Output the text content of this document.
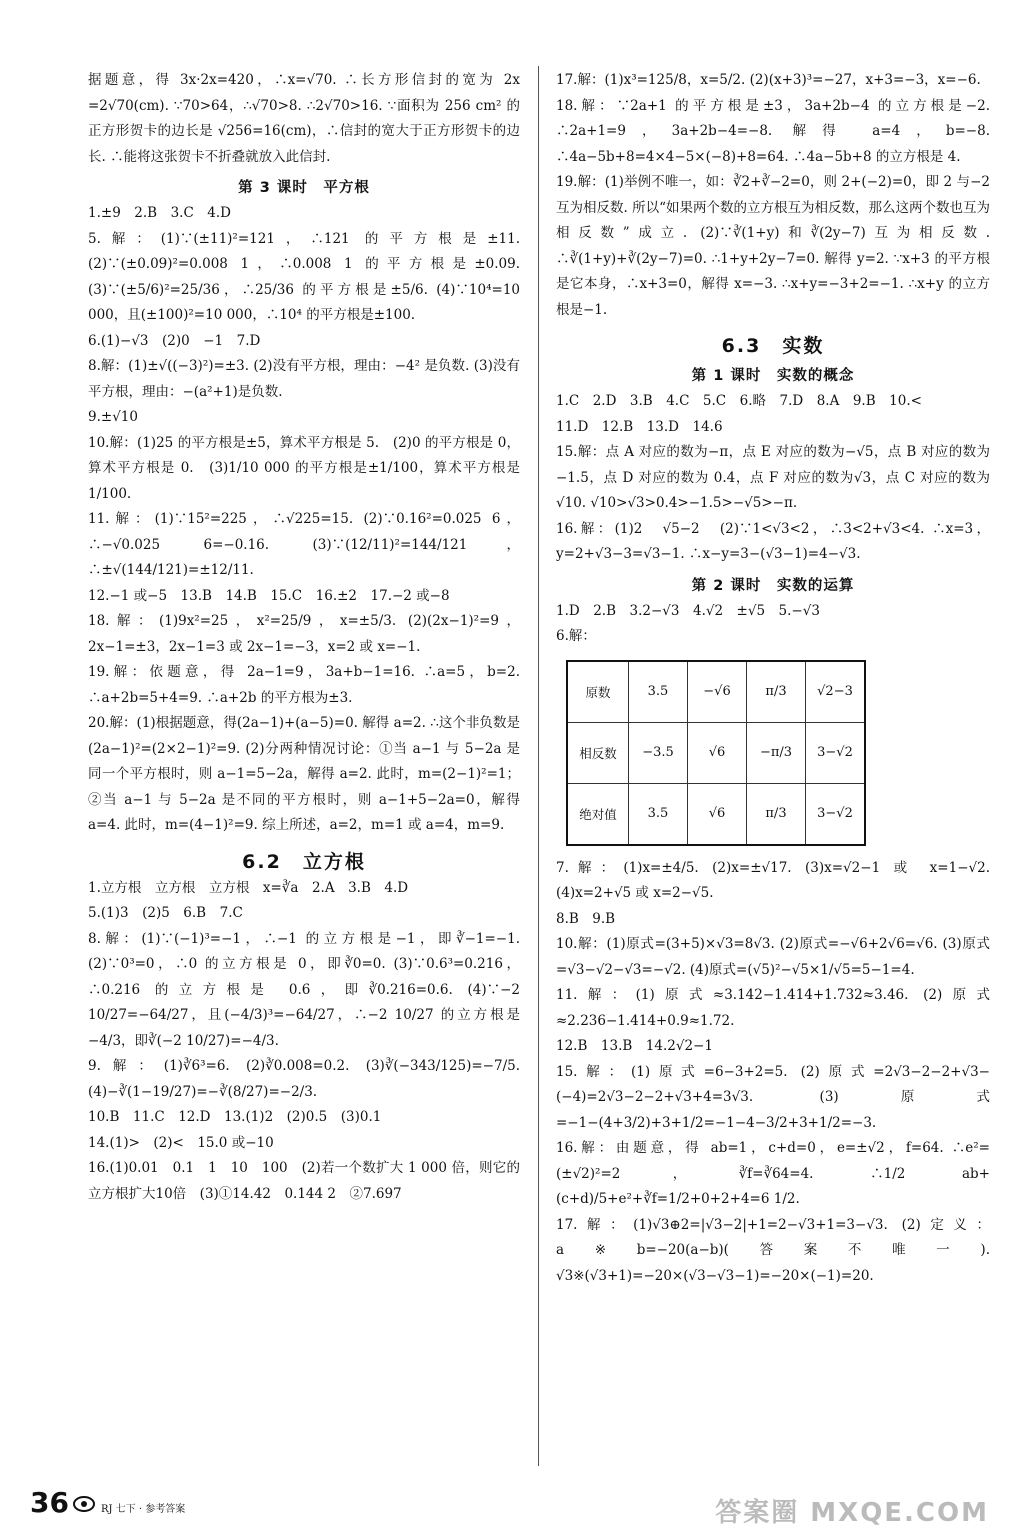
据题意，得 3x·2x=420，∴x=√70. ∴长方形信封的宽为 2x =2√70(cm). ∵70>64，∴√70>8. ∴2√70>16. ∵面积为 256 cm² 的正方形贺卡的边长是 √256=16(cm)，∴信封的宽大于正方形贺卡的边长. ∴能将这张贺卡不折叠就放入此信封.

第 3 课时　平方根

1.±9　2.B　3.C　4.D

5.解：(1)∵(±11)²=121，∴121 的平方根是±11. (2)∵(±0.09)²=0.008 1，∴0.008 1 的平方根是±0.09. (3)∵(±5/6)²=25/36，∴25/36 的平方根是±5/6. (4)∵10⁴=10 000，且(±100)²=10 000，∴10⁴ 的平方根是±100.

6.(1)−√3　(2)0　−1　7.D

8.解：(1)±√((−3)²)=±3. (2)没有平方根，理由：−4² 是负数. (3)没有平方根，理由：−(a²+1)是负数.

9.±√10

10.解：(1)25 的平方根是±5，算术平方根是 5.　(2)0 的平方根是 0，算术平方根是 0.　(3)1/10 000 的平方根是±1/100，算术平方根是 1/100.

11.解：(1)∵15²=225，∴√225=15. (2)∵0.16²=0.025 6，∴−√0.025 6=−0.16. (3)∵(12/11)²=144/121，∴±√(144/121)=±12/11.

12.−1 或−5　13.B　14.B　15.C　16.±2　17.−2 或−8

18.解：(1)9x²=25，x²=25/9，x=±5/3. (2)(2x−1)²=9，2x−1=±3，2x−1=3 或 2x−1=−3，x=2 或 x=−1.

19.解：依题意，得 2a−1=9，3a+b−1=16. ∴a=5，b=2. ∴a+2b=5+4=9. ∴a+2b 的平方根为±3.

20.解：(1)根据题意，得(2a−1)+(a−5)=0. 解得 a=2. ∴这个非负数是(2a−1)²=(2×2−1)²=9. (2)分两种情况讨论：①当 a−1 与 5−2a 是同一个平方根时，则 a−1=5−2a，解得 a=2. 此时，m=(2−1)²=1；②当 a−1 与 5−2a 是不同的平方根时，则 a−1+5−2a=0，解得 a=4. 此时，m=(4−1)²=9. 综上所述，a=2，m=1 或 a=4，m=9.

6.2　立方根

1.立方根　立方根　立方根　x=∛a　2.A　3.B　4.D

5.(1)3　(2)5　6.B　7.C

8.解：(1)∵(−1)³=−1，∴−1 的立方根是−1，即∛−1=−1. (2)∵0³=0，∴0 的立方根是 0，即∛0=0. (3)∵0.6³=0.216，∴0.216 的立方根是 0.6，即∛0.216=0.6. (4)∵−2 10/27=−64/27，且(−4/3)³=−64/27，∴−2 10/27 的立方根是−4/3，即∛(−2 10/27)=−4/3.

9.解：(1)∛6³=6. (2)∛0.008=0.2. (3)∛(−343/125)=−7/5. (4)−∛(1−19/27)=−∛(8/27)=−2/3.

10.B　11.C　12.D　13.(1)2　(2)0.5　(3)0.1

14.(1)>　(2)<　15.0 或−10

16.(1)0.01　0.1　1　10　100　(2)若一个数扩大 1 000 倍，则它的立方根扩大10倍　(3)①14.42　0.144 2　②7.697

17.解：(1)x³=125/8，x=5/2. (2)(x+3)³=−27，x+3=−3，x=−6.

18.解：∵2a+1 的平方根是±3，3a+2b−4 的立方根是−2. ∴2a+1=9，3a+2b−4=−8. 解得 a=4，b=−8. ∴4a−5b+8=4×4−5×(−8)+8=64. ∴4a−5b+8 的立方根是 4.

19.解：(1)举例不唯一，如：∛2+∛−2=0，则 2+(−2)=0，即 2 与−2 互为相反数. 所以“如果两个数的立方根互为相反数，那么这两个数也互为相反数”成立. (2)∵∛(1+y)和∛(2y−7)互为相反数. ∴∛(1+y)+∛(2y−7)=0. ∴1+y+2y−7=0. 解得 y=2. ∵x+3 的平方根是它本身，∴x+3=0，解得 x=−3. ∴x+y=−3+2=−1. ∴x+y 的立方根是−1.

6.3　实数
第 1 课时　实数的概念

1.C　2.D　3.B　4.C　5.C　6.略　7.D　8.A　9.B　10.<

11.D　12.B　13.D　14.6

15.解：点 A 对应的数为−π，点 E 对应的数为−√5，点 B 对应的数为−1.5，点 D 对应的数为 0.4，点 F 对应的数为√3，点 C 对应的数为√10. √10>√3>0.4>−1.5>−√5>−π.

16.解：(1)2　√5−2　(2)∵1<√3<2，∴3<2+√3<4. ∴x=3，y=2+√3−3=√3−1. ∴x−y=3−(√3−1)=4−√3.

第 2 课时　实数的运算

1.D　2.B　3.2−√3　4.√2　±√5　5.−√3

6.解：

原数	3.5	−√6	π/3	√2−3
相反数	−3.5	√6	−π/3	3−√2
绝对值	3.5	√6	π/3	3−√2

7.解：(1)x=±4/5. (2)x=±√17. (3)x=√2−1 或 x=1−√2. (4)x=2+√5 或 x=2−√5.

8.B　9.B

10.解：(1)原式=(3+5)×√3=8√3. (2)原式=−√6+2√6=√6. (3)原式=√3−√2−√3=−√2. (4)原式=(√5)²−√5×1/√5=5−1=4.

11.解：(1)原式≈3.142−1.414+1.732≈3.46. (2)原式≈2.236−1.414+0.9≈1.72.

12.B　13.B　14.2√2−1

15.解：(1)原式=6−3+2=5. (2)原式=2√3−2−2+√3−(−4)=2√3−2−2+√3+4=3√3. (3)原式=−1−(4+3/2)+3+1/2=−1−4−3/2+3+1/2=−3.

16.解：由题意，得 ab=1，c+d=0，e=±√2，f=64. ∴e²=(±√2)²=2，∛f=∛64=4. ∴1/2 ab+(c+d)/5+e²+∛f=1/2+0+2+4=6 1/2.

17.解：(1)√3⊕2=|√3−2|+1=2−√3+1=3−√3. (2)定义：a※b=−20(a−b)(答案不唯一). √3※(√3+1)=−20×(√3−√3−1)=−20×(−1)=20.

36	RJ 七下 · 参考答案	答案圈 MXQE.COM
